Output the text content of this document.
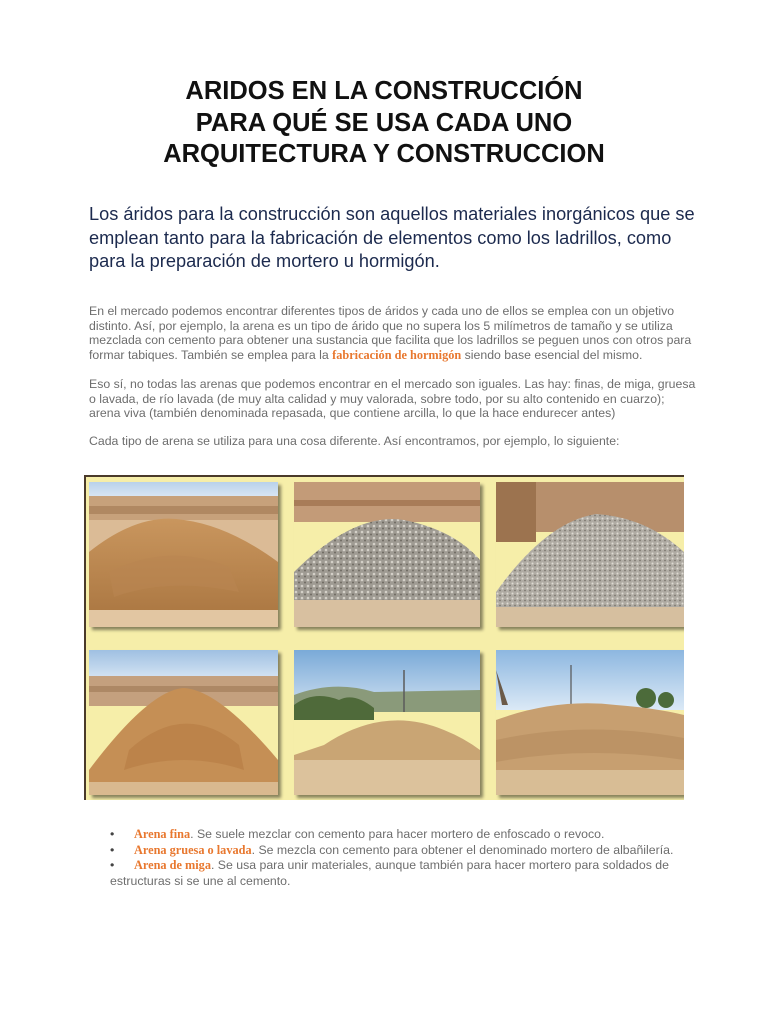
ARIDOS EN LA CONSTRUCCIÓN
PARA QUÉ SE USA CADA UNO
ARQUITECTURA Y CONSTRUCCION

Los áridos para la construcción son aquellos materiales inorgánicos que se emplean tanto para la fabricación de elementos como los ladrillos, como para la preparación de mortero u hormigón.

En el mercado podemos encontrar diferentes tipos de áridos y cada uno de ellos se emplea con un objetivo distinto. Así, por ejemplo, la arena es un tipo de árido que no supera los 5 milímetros de tamaño y se utiliza mezclada con cemento para obtener una sustancia que facilita que los ladrillos se peguen unos con otros para formar tabiques. También se emplea para la fabricación de hormigón siendo base esencial del mismo.

Eso sí, no todas las arenas que podemos encontrar en el mercado son iguales. Las hay: finas, de miga, gruesa o lavada, de río lavada (de muy alta calidad y muy valorada, sobre todo, por su alto contenido en cuarzo); arena viva (también denominada repasada, que contiene arcilla, lo que la hace endurecer antes)

Cada tipo de arena se utiliza para una cosa diferente. Así encontramos, por ejemplo, lo siguiente:

• Arena fina. Se suele mezclar con cemento para hacer mortero de enfoscado o revoco.
• Arena gruesa o lavada. Se mezcla con cemento para obtener el denominado mortero de albañilería.
• Arena de miga. Se usa para unir materiales, aunque también para hacer mortero para soldados de estructuras si se une al cemento.
